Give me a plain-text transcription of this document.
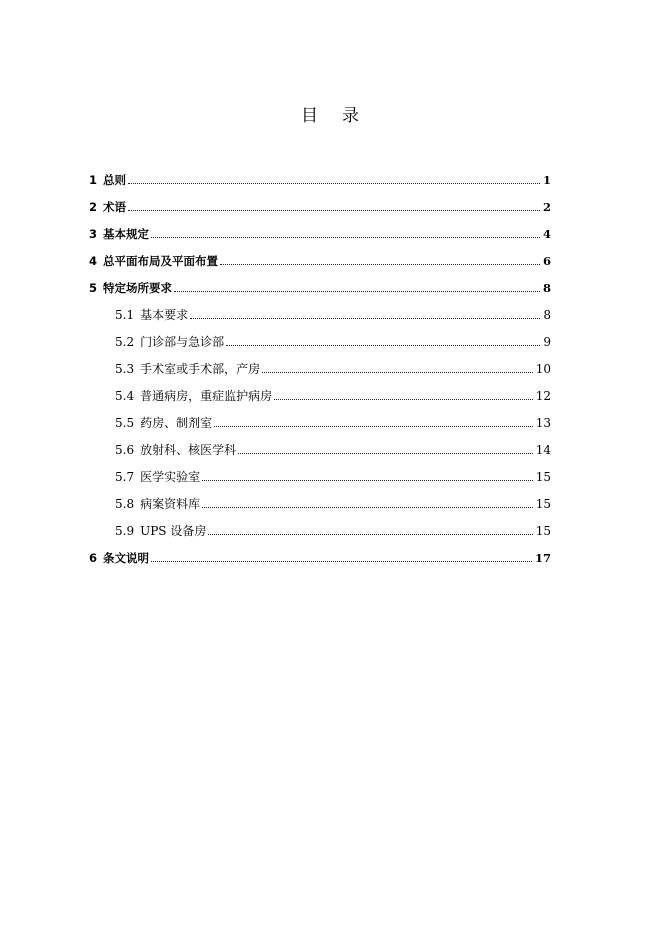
目 录
1 总则	1
2 术语	2
3 基本规定	4
4 总平面布局及平面布置	6
5 特定场所要求	8
5.1 基本要求	8
5.2 门诊部与急诊部	9
5.3 手术室或手术部，产房	10
5.4 普通病房，重症监护病房	12
5.5 药房、制剂室	13
5.6 放射科、核医学科	14
5.7 医学实验室	15
5.8 病案资料库	15
5.9 UPS 设备房	15
6 条文说明	17
